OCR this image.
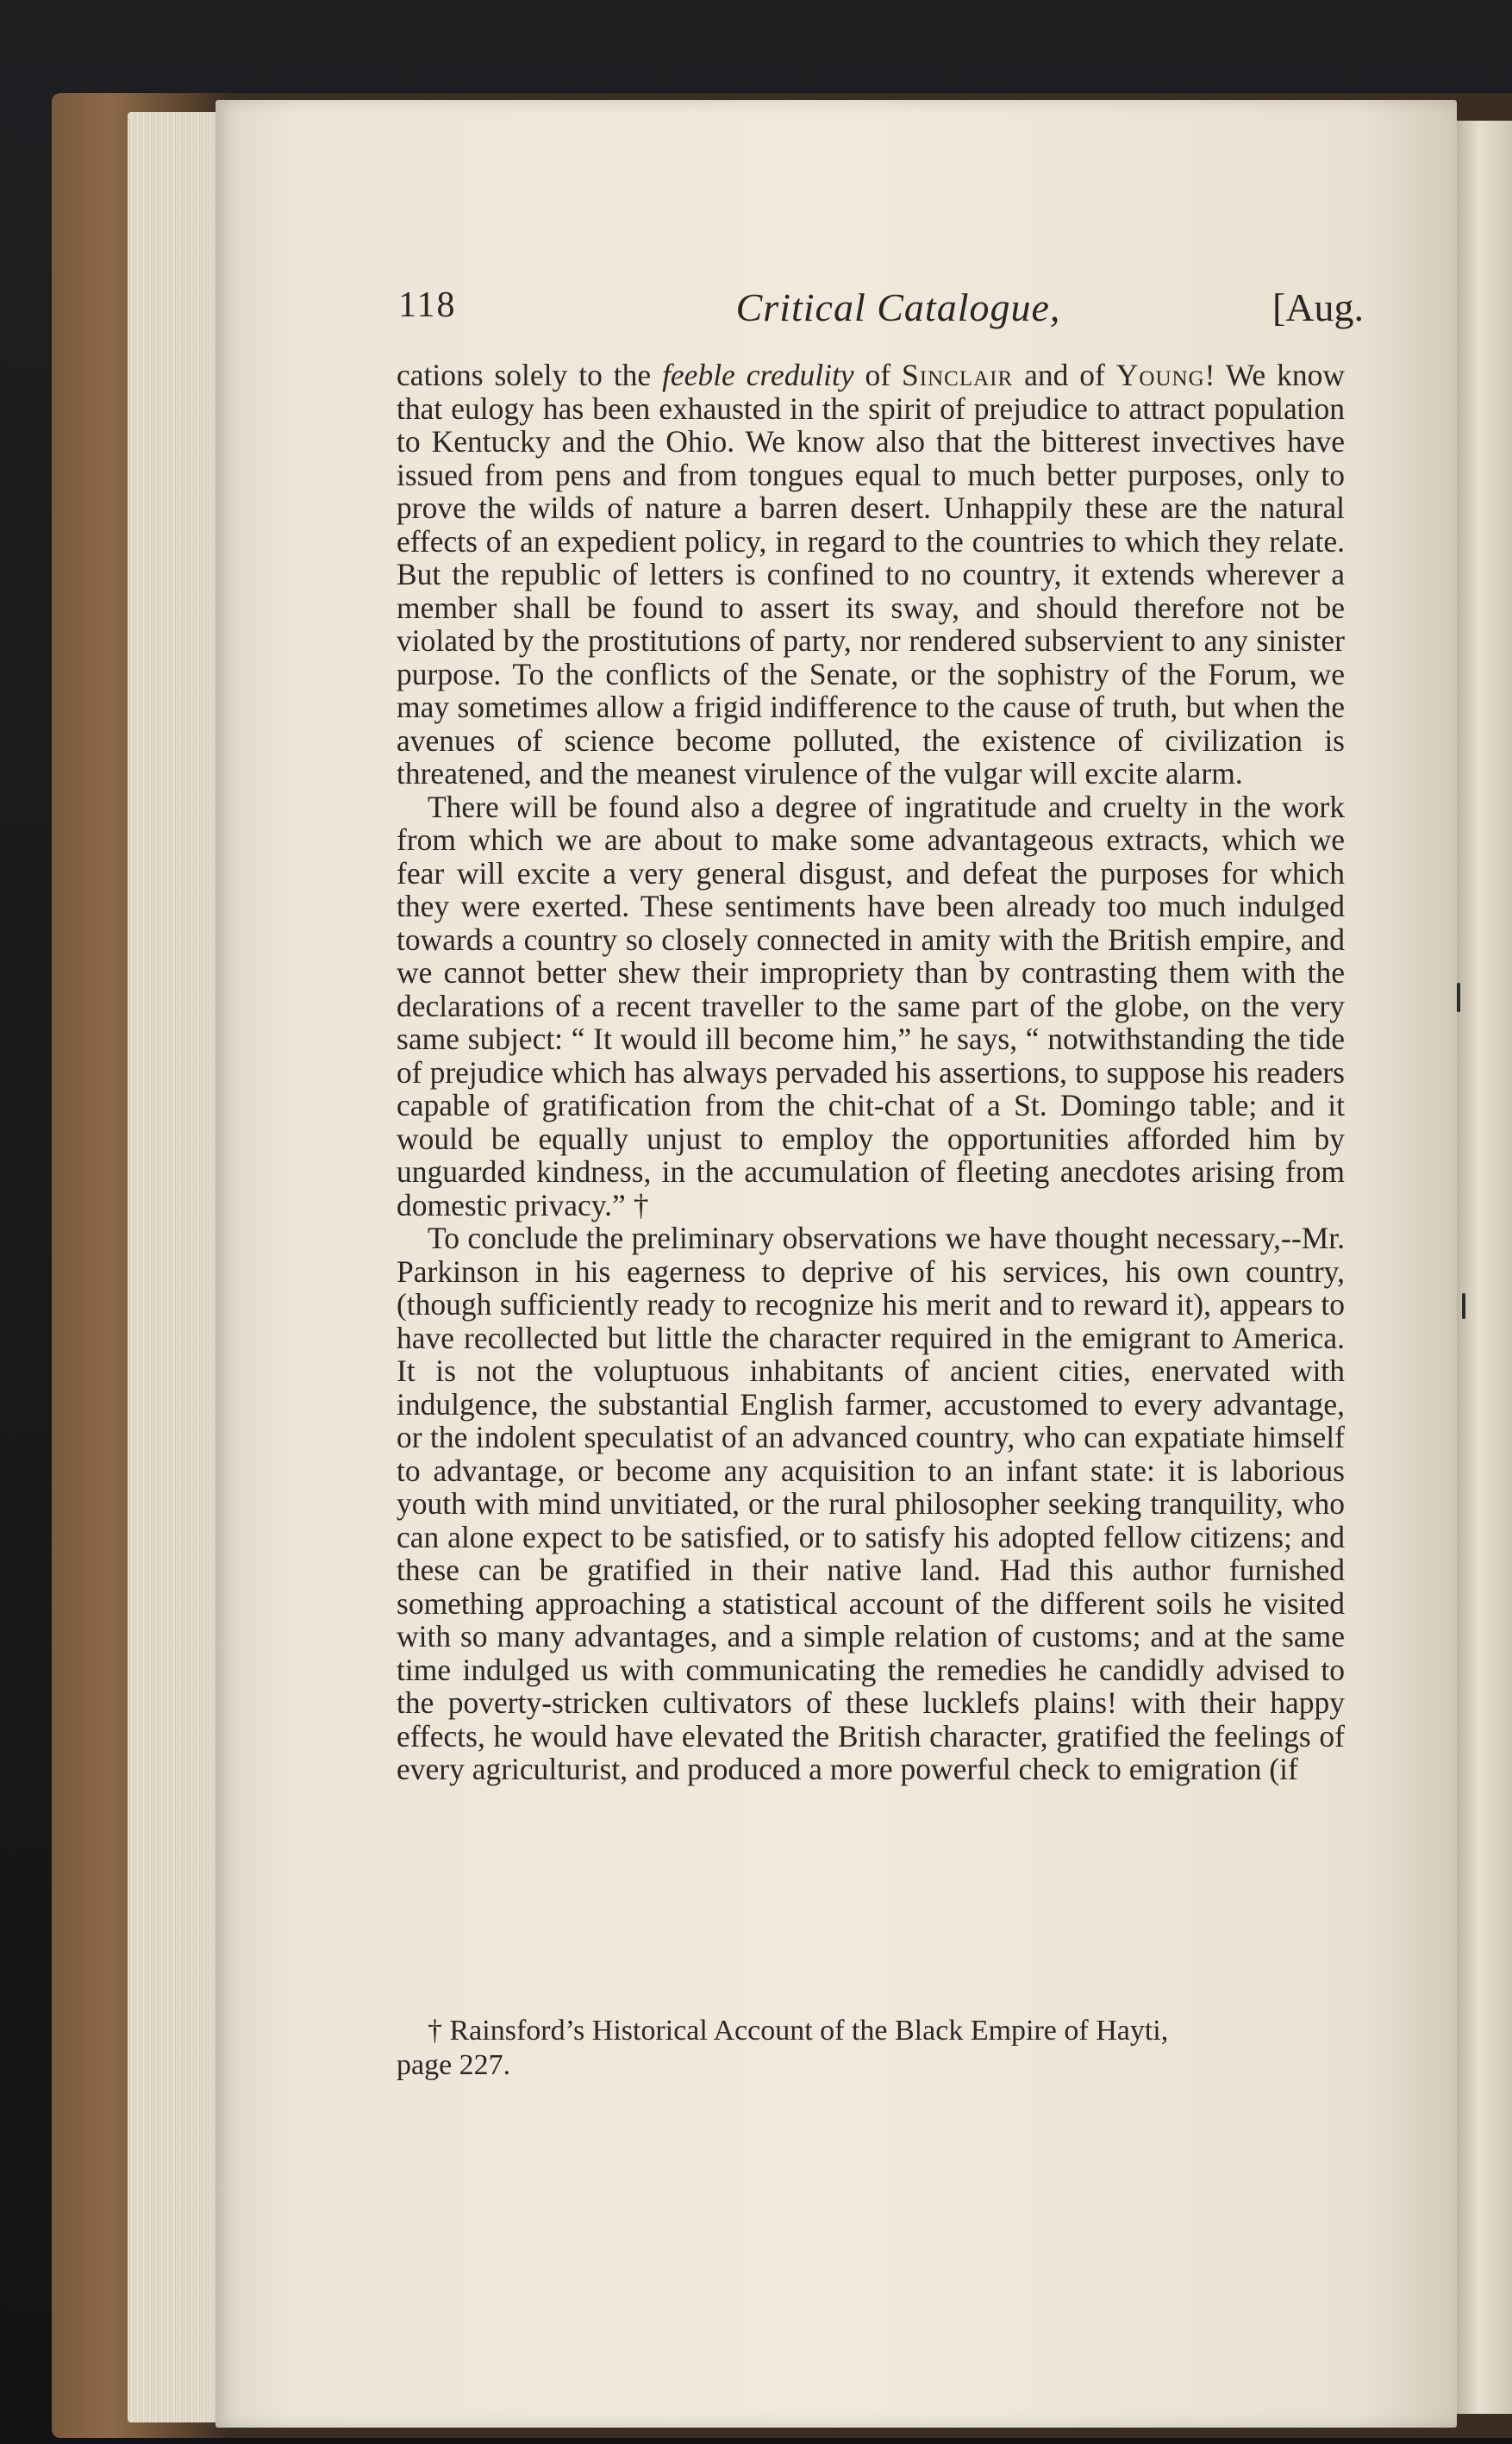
118	Critical Catalogue,	[Aug.

cations solely to the feeble credulity of Sinclair and of Young! We know that eulogy has been exhausted in the spirit of prejudice to attract population to Kentucky and the Ohio. We know also that the bitterest invectives have issued from pens and from tongues equal to much better purposes, only to prove the wilds of nature a barren desert. Unhappily these are the natural effects of an expedient policy, in regard to the countries to which they relate. But the republic of letters is confined to no country, it extends wherever a member shall be found to assert its sway, and should therefore not be violated by the prostitutions of party, nor rendered subservient to any sinister purpose. To the conflicts of the Senate, or the sophistry of the Forum, we may sometimes allow a frigid indifference to the cause of truth, but when the avenues of science become polluted, the existence of civilization is threatened, and the meanest virulence of the vulgar will excite alarm.

There will be found also a degree of ingratitude and cruelty in the work from which we are about to make some advantageous extracts, which we fear will excite a very general disgust, and defeat the purposes for which they were exerted. These sentiments have been already too much indulged towards a country so closely connected in amity with the British empire, and we cannot better shew their impropriety than by contrasting them with the declarations of a recent traveller to the same part of the globe, on the very same subject: “ It would ill become him,” he says, “ notwithstanding the tide of prejudice which has always pervaded his assertions, to suppose his readers capable of gratification from the chit-chat of a St. Domingo table; and it would be equally unjust to employ the opportunities afforded him by unguarded kindness, in the accumulation of fleeting anecdotes arising from domestic privacy.” †

To conclude the preliminary observations we have thought necessary,--Mr. Parkinson in his eagerness to deprive of his services, his own country, (though sufficiently ready to recognize his merit and to reward it), appears to have recollected but little the character required in the emigrant to America. It is not the voluptuous inhabitants of ancient cities, enervated with indulgence, the substantial English farmer, accustomed to every advantage, or the indolent speculatist of an advanced country, who can expatiate himself to advantage, or become any acquisition to an infant state: it is laborious youth with mind unvitiated, or the rural philosopher seeking tranquility, who can alone expect to be satisfied, or to satisfy his adopted fellow citizens; and these can be gratified in their native land. Had this author furnished something approaching a statistical account of the different soils he visited with so many advantages, and a simple relation of customs; and at the same time indulged us with communicating the remedies he candidly advised to the poverty-stricken cultivators of these lucklefs plains! with their happy effects, he would have elevated the British character, gratified the feelings of every agriculturist, and produced a more powerful check to emigration (if

† Rainsford’s Historical Account of the Black Empire of Hayti,
page 227.
